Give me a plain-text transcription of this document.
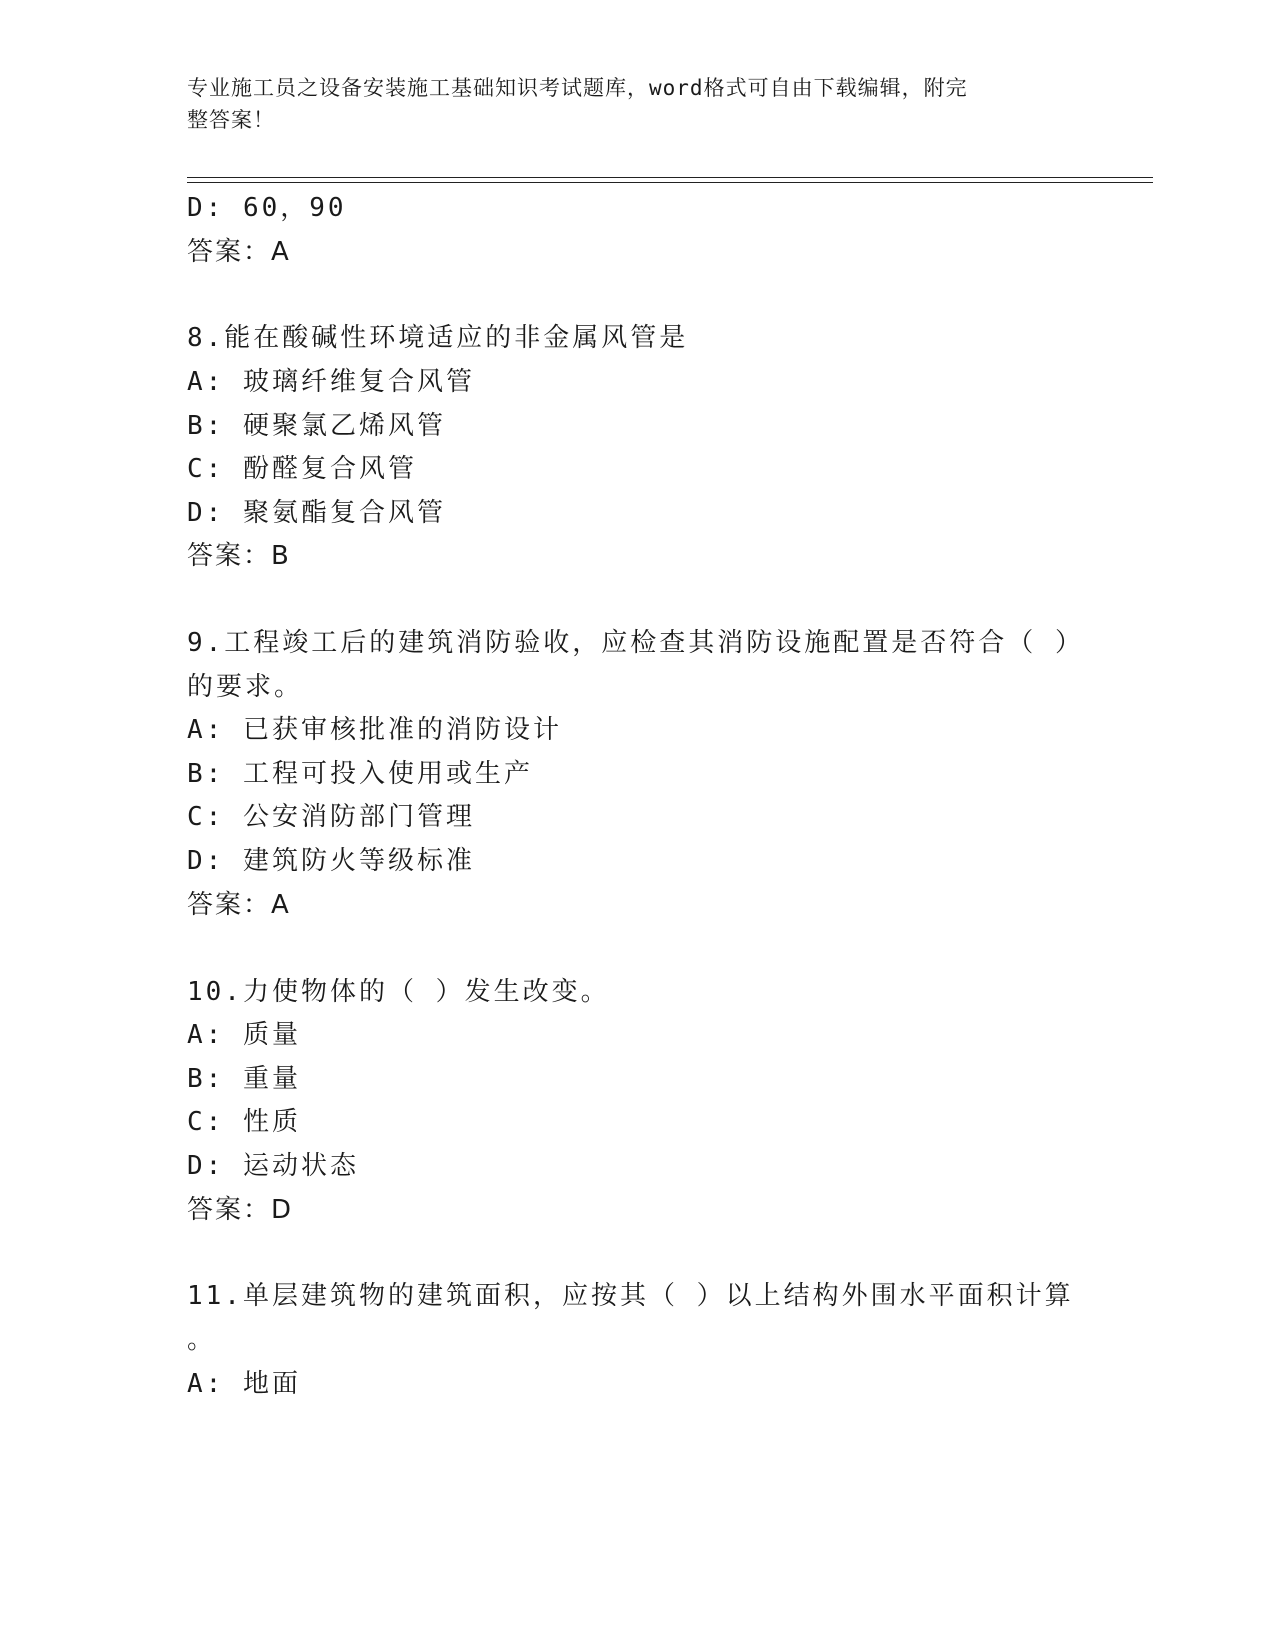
专业施工员之设备安装施工基础知识考试题库，word格式可自由下载编辑，附完
整答案！
D: 60，90
答案：A
8.能在酸碱性环境适应的非金属风管是
A: 玻璃纤维复合风管
B: 硬聚氯乙烯风管
C: 酚醛复合风管
D: 聚氨酯复合风管
答案：B
9.工程竣工后的建筑消防验收，应检查其消防设施配置是否符合（ ）
的要求。
A: 已获审核批准的消防设计
B: 工程可投入使用或生产
C: 公安消防部门管理
D: 建筑防火等级标准
答案：A
10.力使物体的（ ）发生改变。
A: 质量
B: 重量
C: 性质
D: 运动状态
答案：D
11.单层建筑物的建筑面积，应按其（ ）以上结构外围水平面积计算
。
A: 地面
